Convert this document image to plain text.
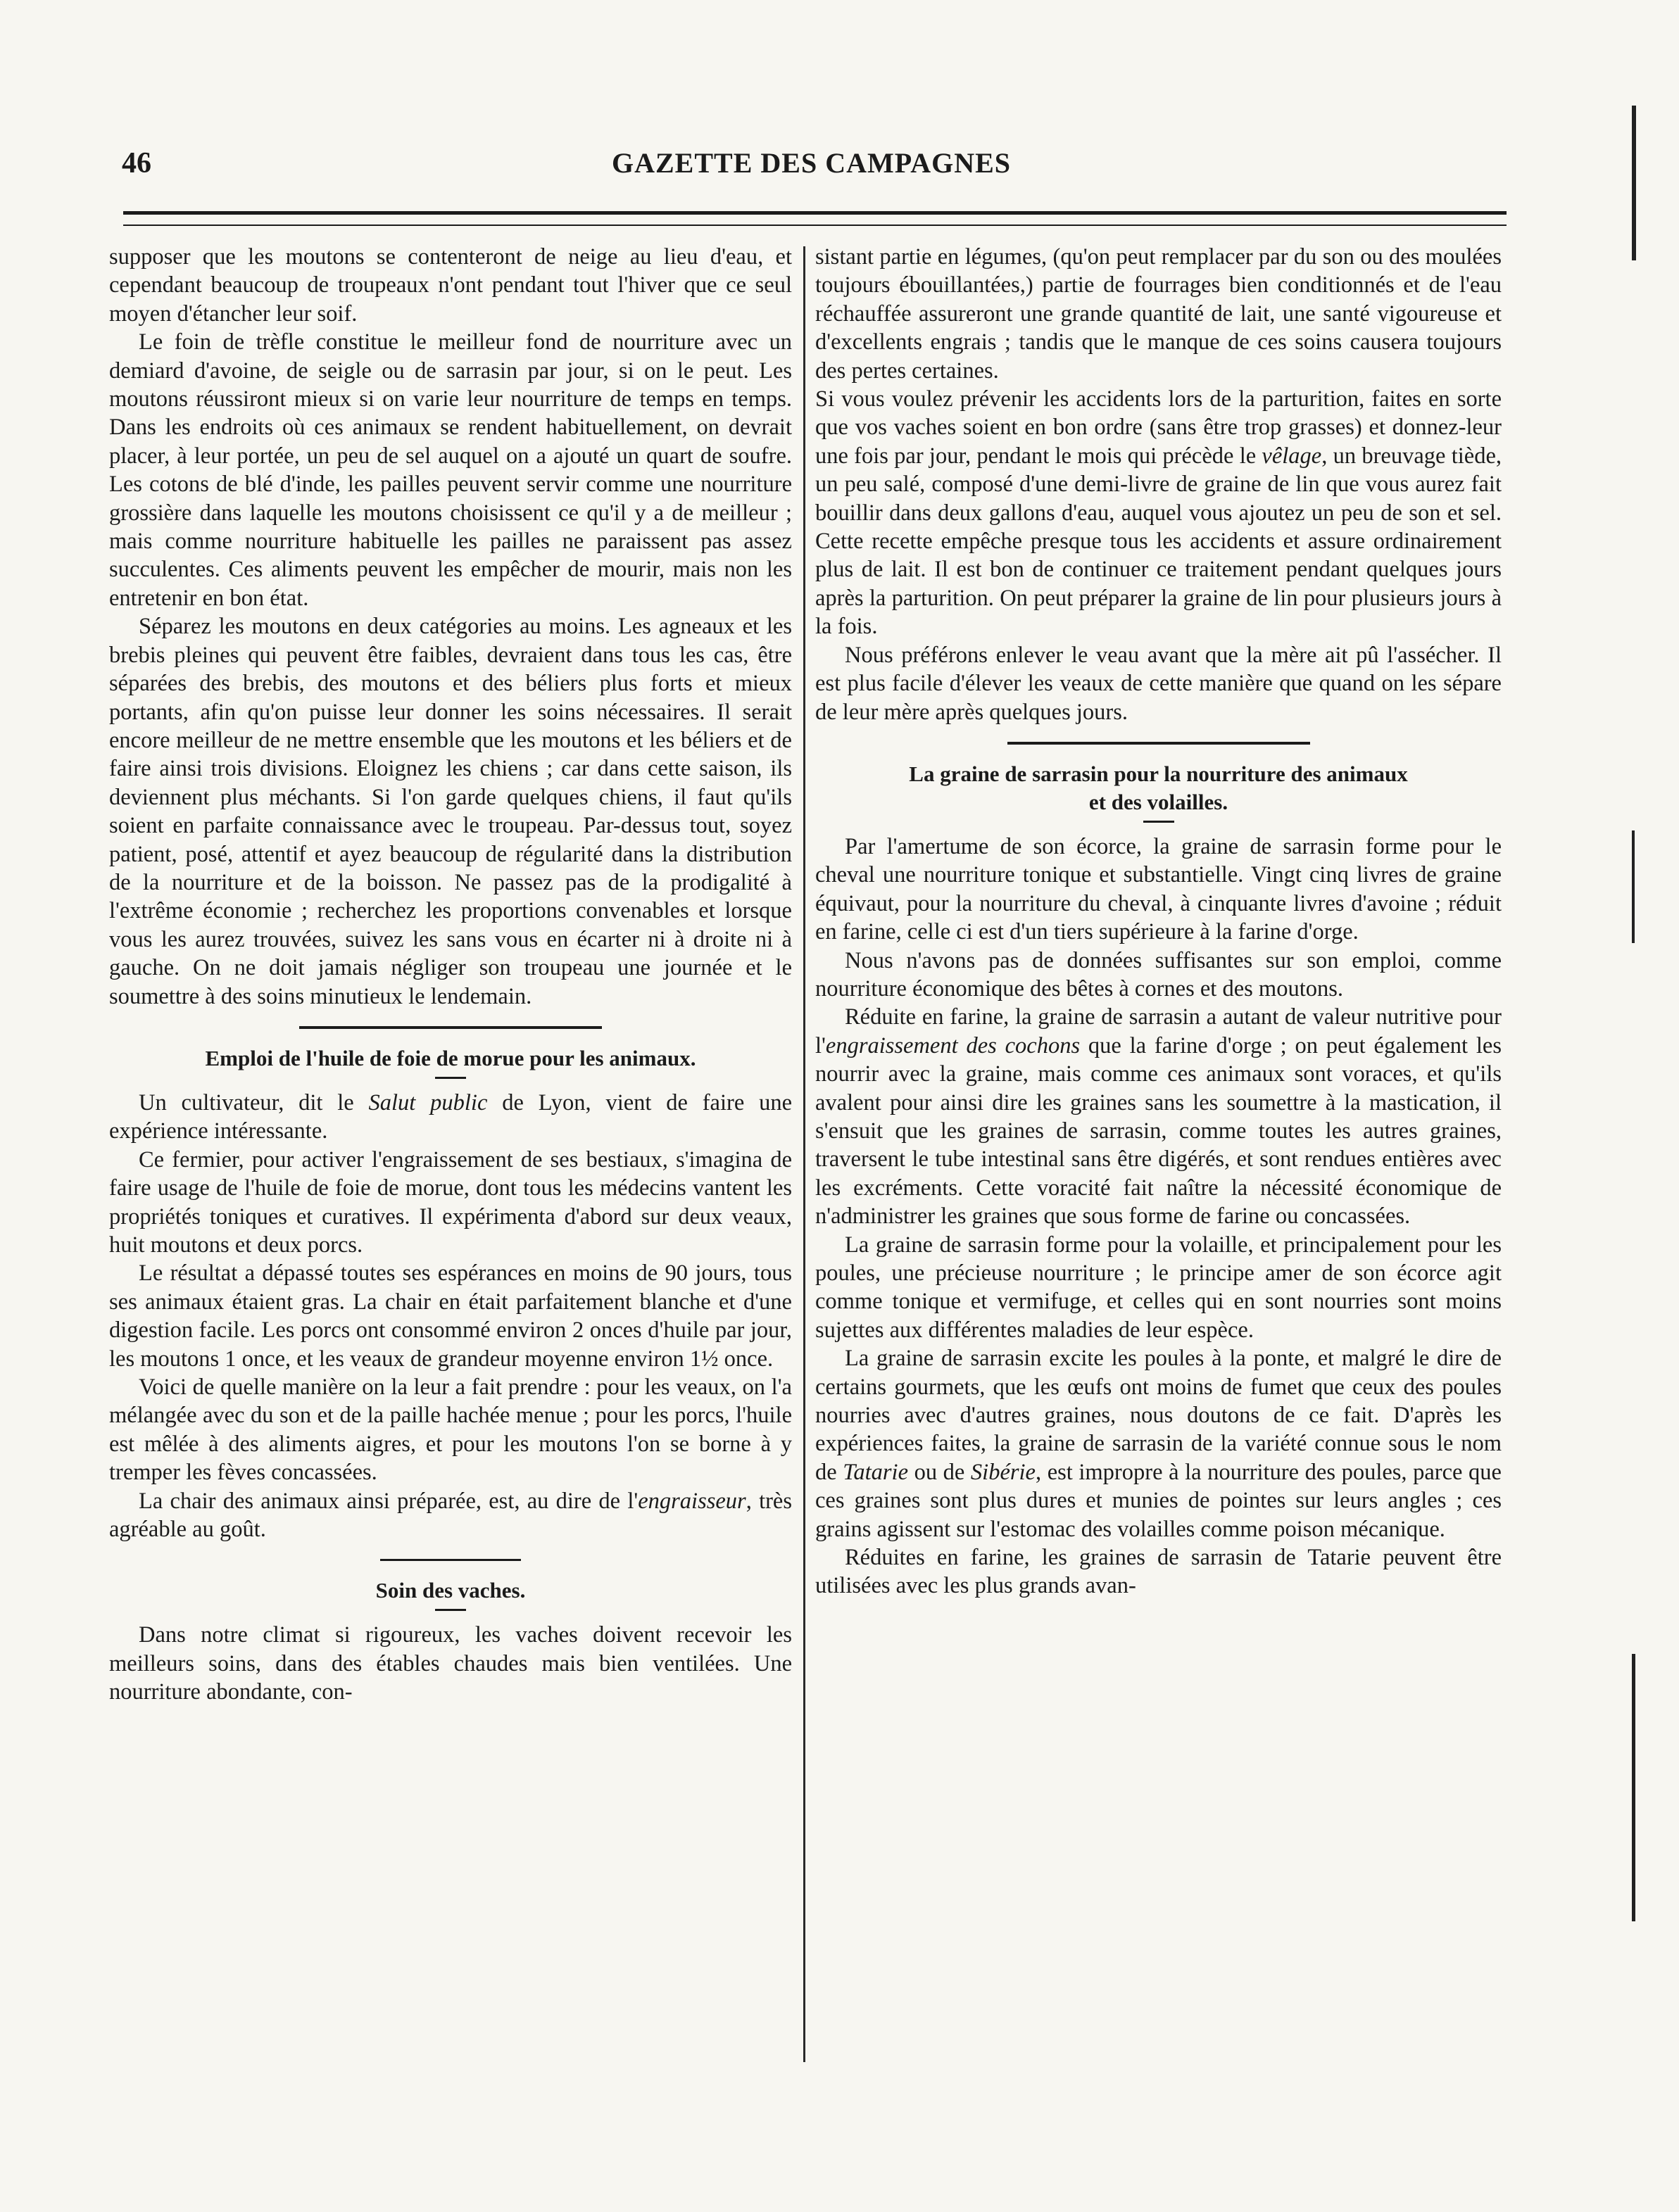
46	GAZETTE DES CAMPAGNES

supposer que les moutons se contenteront de neige au lieu d'eau, et cependant beaucoup de troupeaux n'ont pendant tout l'hiver que ce seul moyen d'étancher leur soif.

Le foin de trèfle constitue le meilleur fond de nourriture avec un demiard d'avoine, de seigle ou de sarrasin par jour, si on le peut. Les moutons réussiront mieux si on varie leur nourriture de temps en temps. Dans les endroits où ces animaux se rendent habituellement, on devrait placer, à leur portée, un peu de sel auquel on a ajouté un quart de soufre. Les cotons de blé d'inde, les pailles peuvent servir comme une nourriture grossière dans laquelle les moutons choisissent ce qu'il y a de meilleur ; mais comme nourriture habituelle les pailles ne paraissent pas assez succulentes. Ces aliments peuvent les empêcher de mourir, mais non les entretenir en bon état.

Séparez les moutons en deux catégories au moins. Les agneaux et les brebis pleines qui peuvent être faibles, devraient dans tous les cas, être séparées des brebis, des moutons et des béliers plus forts et mieux portants, afin qu'on puisse leur donner les soins nécessaires. Il serait encore meilleur de ne mettre ensemble que les moutons et les béliers et de faire ainsi trois divisions. Eloignez les chiens ; car dans cette saison, ils deviennent plus méchants. Si l'on garde quelques chiens, il faut qu'ils soient en parfaite connaissance avec le troupeau. Par-dessus tout, soyez patient, posé, attentif et ayez beaucoup de régularité dans la distribution de la nourriture et de la boisson. Ne passez pas de la prodigalité à l'extrême économie ; recherchez les proportions convenables et lorsque vous les aurez trouvées, suivez les sans vous en écarter ni à droite ni à gauche. On ne doit jamais négliger son troupeau une journée et le soumettre à des soins minutieux le lendemain.

Emploi de l'huile de foie de morue pour les animaux.

Un cultivateur, dit le Salut public de Lyon, vient de faire une expérience intéressante.

Ce fermier, pour activer l'engraissement de ses bestiaux, s'imagina de faire usage de l'huile de foie de morue, dont tous les médecins vantent les propriétés toniques et curatives. Il expérimenta d'abord sur deux veaux, huit moutons et deux porcs.

Le résultat a dépassé toutes ses espérances en moins de 90 jours, tous ses animaux étaient gras. La chair en était parfaitement blanche et d'une digestion facile. Les porcs ont consommé environ 2 onces d'huile par jour, les moutons 1 once, et les veaux de grandeur moyenne environ 1½ once.

Voici de quelle manière on la leur a fait prendre : pour les veaux, on l'a mélangée avec du son et de la paille hachée menue ; pour les porcs, l'huile est mêlée à des aliments aigres, et pour les moutons l'on se borne à y tremper les fèves concassées.

La chair des animaux ainsi préparée, est, au dire de l'engraisseur, très agréable au goût.

Soin des vaches.

Dans notre climat si rigoureux, les vaches doivent recevoir les meilleurs soins, dans des étables chaudes mais bien ventilées. Une nourriture abondante, con-

sistant partie en légumes, (qu'on peut remplacer par du son ou des moulées toujours ébouillantées,) partie de fourrages bien conditionnés et de l'eau réchauffée assureront une grande quantité de lait, une santé vigoureuse et d'excellents engrais ; tandis que le manque de ces soins causera toujours des pertes certaines.

Si vous voulez prévenir les accidents lors de la parturition, faites en sorte que vos vaches soient en bon ordre (sans être trop grasses) et donnez-leur une fois par jour, pendant le mois qui précède le vêlage, un breuvage tiède, un peu salé, composé d'une demi-livre de graine de lin que vous aurez fait bouillir dans deux gallons d'eau, auquel vous ajoutez un peu de son et sel. Cette recette empêche presque tous les accidents et assure ordinairement plus de lait. Il est bon de continuer ce traitement pendant quelques jours après la parturition. On peut préparer la graine de lin pour plusieurs jours à la fois.

Nous préférons enlever le veau avant que la mère ait pû l'assécher. Il est plus facile d'élever les veaux de cette manière que quand on les sépare de leur mère après quelques jours.

La graine de sarrasin pour la nourriture des animaux
et des volailles.

Par l'amertume de son écorce, la graine de sarrasin forme pour le cheval une nourriture tonique et substantielle. Vingt cinq livres de graine équivaut, pour la nourriture du cheval, à cinquante livres d'avoine ; réduit en farine, celle ci est d'un tiers supérieure à la farine d'orge.

Nous n'avons pas de données suffisantes sur son emploi, comme nourriture économique des bêtes à cornes et des moutons.

Réduite en farine, la graine de sarrasin a autant de valeur nutritive pour l'engraissement des cochons que la farine d'orge ; on peut également les nourrir avec la graine, mais comme ces animaux sont voraces, et qu'ils avalent pour ainsi dire les graines sans les soumettre à la mastication, il s'ensuit que les graines de sarrasin, comme toutes les autres graines, traversent le tube intestinal sans être digérés, et sont rendues entières avec les excréments. Cette voracité fait naître la nécessité économique de n'administrer les graines que sous forme de farine ou concassées.

La graine de sarrasin forme pour la volaille, et principalement pour les poules, une précieuse nourriture ; le principe amer de son écorce agit comme tonique et vermifuge, et celles qui en sont nourries sont moins sujettes aux différentes maladies de leur espèce.

La graine de sarrasin excite les poules à la ponte, et malgré le dire de certains gourmets, que les œufs ont moins de fumet que ceux des poules nourries avec d'autres graines, nous doutons de ce fait. D'après les expériences faites, la graine de sarrasin de la variété connue sous le nom de Tatarie ou de Sibérie, est impropre à la nourriture des poules, parce que ces graines sont plus dures et munies de pointes sur leurs angles ; ces grains agissent sur l'estomac des volailles comme poison mécanique.

Réduites en farine, les graines de sarrasin de Tatarie peuvent être utilisées avec les plus grands avan-
